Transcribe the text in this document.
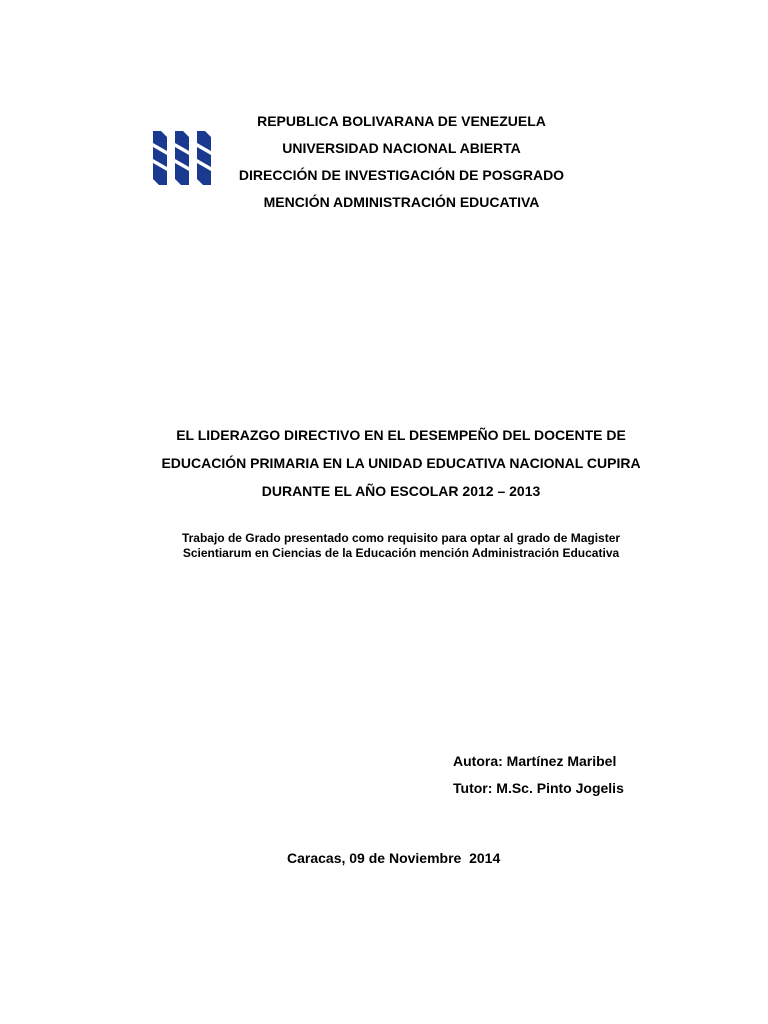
REPUBLICA BOLIVARANA DE VENEZUELA
UNIVERSIDAD NACIONAL ABIERTA
DIRECCIÓN DE INVESTIGACIÓN DE POSGRADO
MENCIÓN ADMINISTRACIÓN EDUCATIVA
EL LIDERAZGO DIRECTIVO EN EL DESEMPEÑO DEL DOCENTE DE
EDUCACIÓN PRIMARIA EN LA UNIDAD EDUCATIVA NACIONAL CUPIRA
DURANTE EL AÑO ESCOLAR 2012 – 2013
Trabajo de Grado presentado como requisito para optar al grado de Magister
Scientiarum en Ciencias de la Educación mención Administración Educativa
Autora: Martínez Maribel
Tutor: M.Sc. Pinto Jogelis
Caracas, 09 de Noviembre  2014
